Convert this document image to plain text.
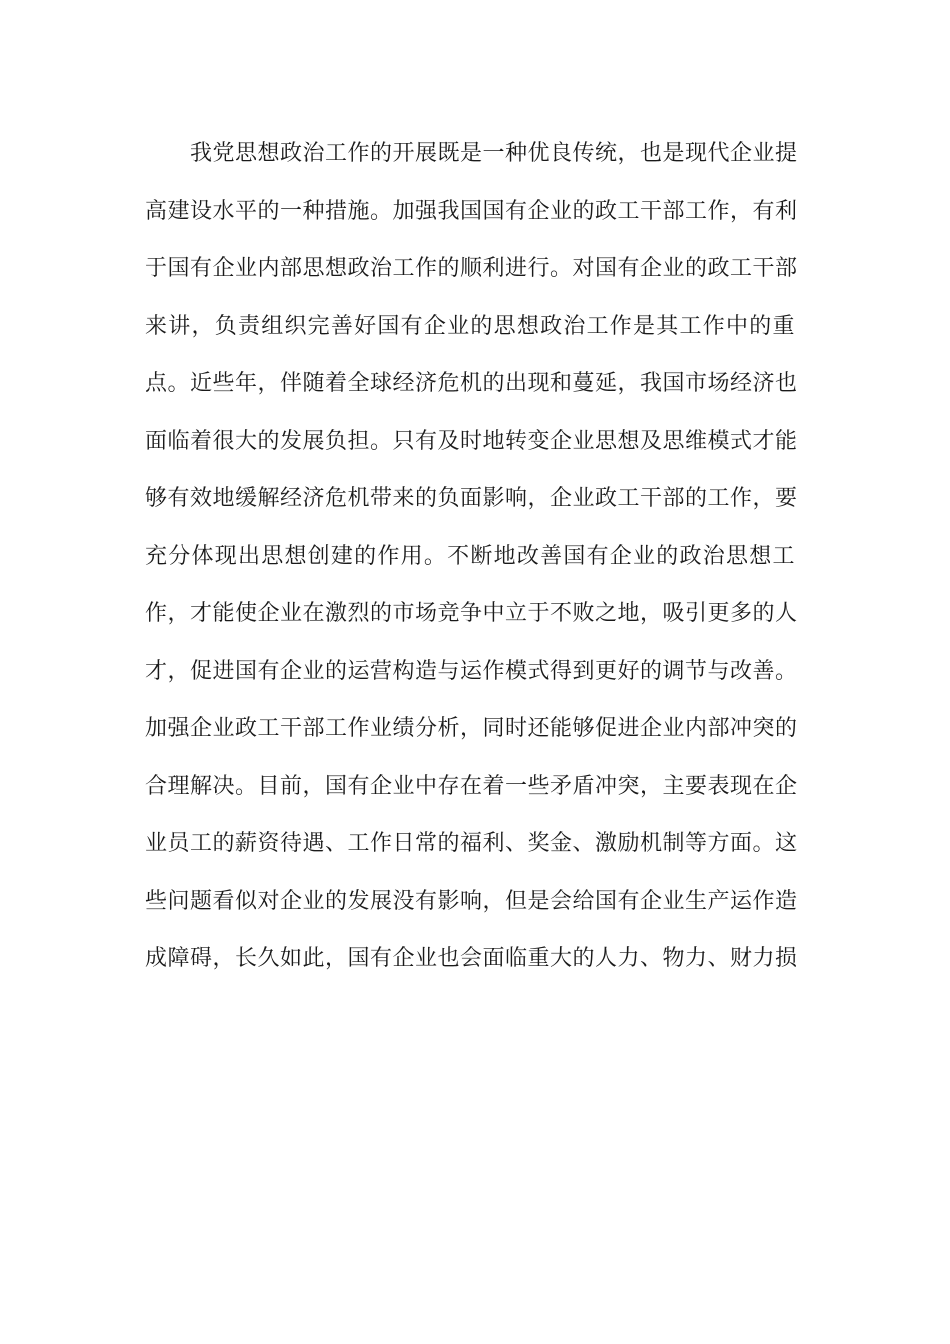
我党思想政治工作的开展既是一种优良传统，也是现代企业提
高建设水平的一种措施。加强我国国有企业的政工干部工作，有利
于国有企业内部思想政治工作的顺利进行。对国有企业的政工干部
来讲，负责组织完善好国有企业的思想政治工作是其工作中的重
点。近些年，伴随着全球经济危机的出现和蔓延，我国市场经济也
面临着很大的发展负担。只有及时地转变企业思想及思维模式才能
够有效地缓解经济危机带来的负面影响，企业政工干部的工作，要
充分体现出思想创建的作用。不断地改善国有企业的政治思想工
作，才能使企业在激烈的市场竞争中立于不败之地，吸引更多的人
才，促进国有企业的运营构造与运作模式得到更好的调节与改善。
加强企业政工干部工作业绩分析，同时还能够促进企业内部冲突的
合理解决。目前，国有企业中存在着一些矛盾冲突，主要表现在企
业员工的薪资待遇、工作日常的福利、奖金、激励机制等方面。这
些问题看似对企业的发展没有影响，但是会给国有企业生产运作造
成障碍，长久如此，国有企业也会面临重大的人力、物力、财力损
